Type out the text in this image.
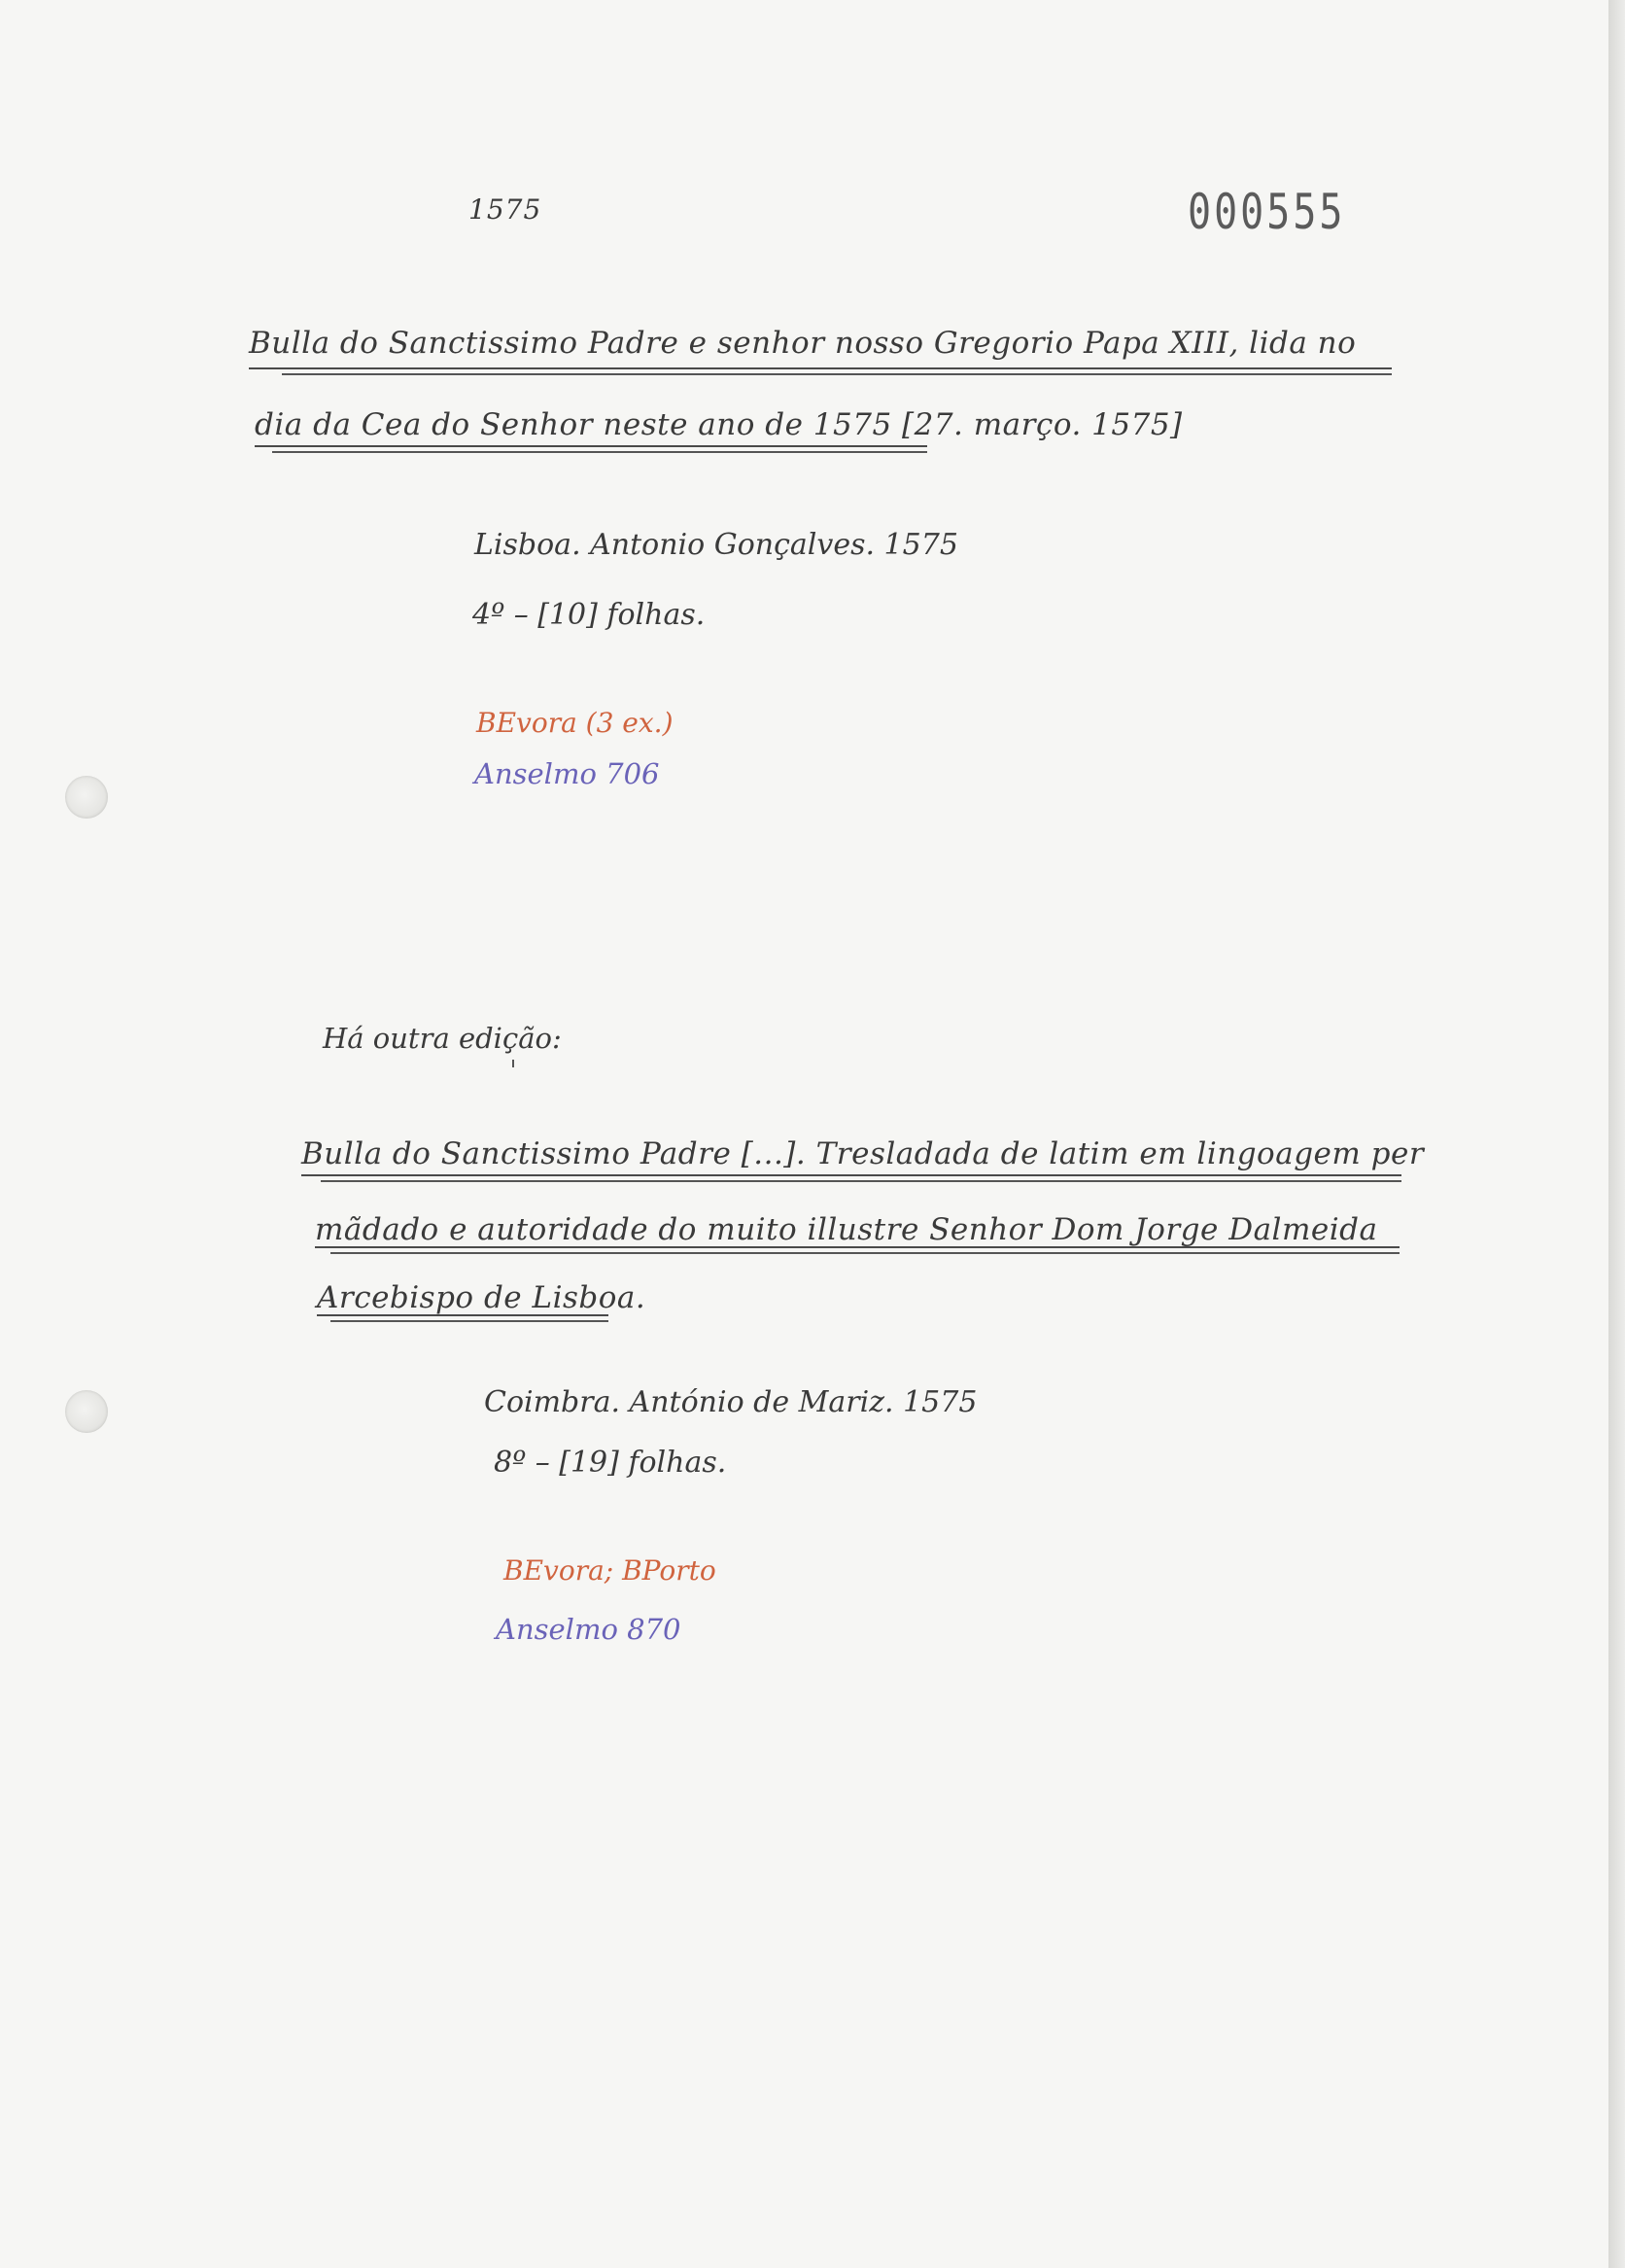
1575	000555
Bulla do Sanctissimo Padre e senhor nosso Gregorio Papa XIII, lida no
dia da Cea do Senhor neste ano de 1575 [27. março. 1575]
Lisboa. Antonio Gonçalves. 1575
4º – [10] folhas.
BEvora (3 ex.)
Anselmo 706
Há outra edição:
Bulla do Sanctissimo Padre [...]. Tresladada de latim em lingoagem per
mãdado e autoridade do muito illustre Senhor Dom Jorge Dalmeida
Arcebispo de Lisboa.
Coimbra. António de Mariz. 1575
8º – [19] folhas.
BEvora; BPorto
Anselmo 870
